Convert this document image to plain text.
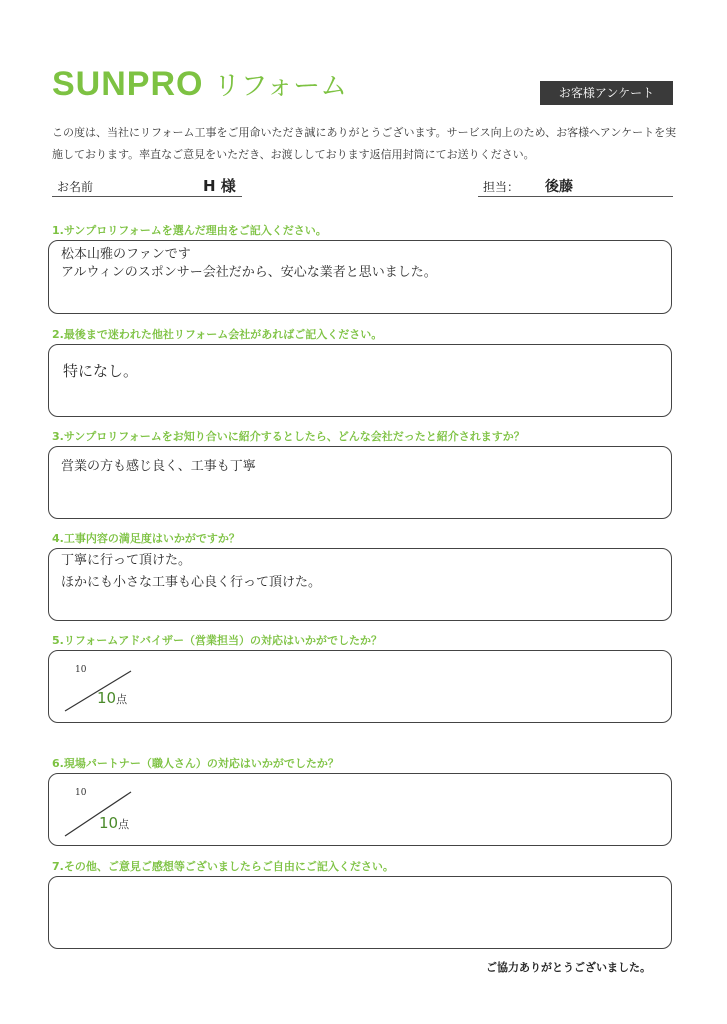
SUNPRO リフォーム	お客様アンケート
この度は、当社にリフォーム工事をご用命いただき誠にありがとうございます。サービス向上のため、お客様へアンケートを実施しております。率直なご意見をいただき、お渡ししております返信用封筒にてお送りください。
お名前	H 様	担当： 後藤
1.サンプロリフォームを選んだ理由をご記入ください。
松本山雅のファンです
アルウィンのスポンサー会社だから、安心な業者と思いました。
2.最後まで迷われた他社リフォーム会社があればご記入ください。
特になし。
3.サンプロリフォームをお知り合いに紹介するとしたら、どんな会社だったと紹介されますか？
営業の方も感じ良く、工事も丁寧
4.工事内容の満足度はいかがですか？
丁寧に行って頂けた。
ほかにも小さな工事も心良く行って頂けた。
5.リフォームアドバイザー（営業担当）の対応はいかがでしたか？
10
10点
6.現場パートナー（職人さん）の対応はいかがでしたか？
10
10点
7.その他、ご意見ご感想等ございましたらご自由にご記入ください。
ご協力ありがとうございました。
